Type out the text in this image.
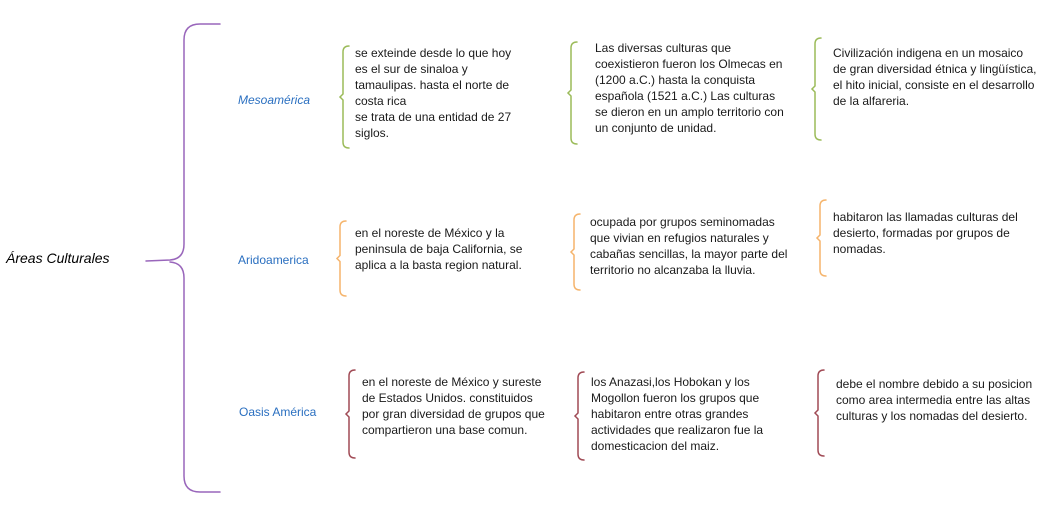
Áreas Culturales
Mesoamérica
se exteinde desde lo que hoy es el sur de sinaloa y tamaulipas. hasta el norte de costa rica
se trata de una entidad de 27 siglos.
Las diversas culturas que coexistieron fueron los Olmecas en (1200 a.C.) hasta la conquista española (1521 a.C.) Las culturas se dieron en un amplo territorio con un conjunto de unidad.
Civilización indigena en un mosaico de gran diversidad étnica y lingüística, el hito inicial, consiste en el desarrollo de la alfareria.
Aridoamerica
en el noreste de México y la peninsula de baja California, se aplica a la basta region natural.
ocupada por grupos seminomadas que vivian en refugios naturales y cabañas sencillas, la mayor parte del territorio no alcanzaba la lluvia.
habitaron las llamadas culturas del desierto, formadas por grupos de nomadas.
Oasis América
en el noreste de México y sureste de Estados Unidos. constituidos por gran diversidad de grupos que compartieron una base comun.
los Anazasi,los Hobokan y los Mogollon fueron los grupos que habitaron entre otras grandes actividades que realizaron fue la domesticacion del maiz.
debe el nombre debido a su posicion como area intermedia entre las altas culturas y los nomadas del desierto.
